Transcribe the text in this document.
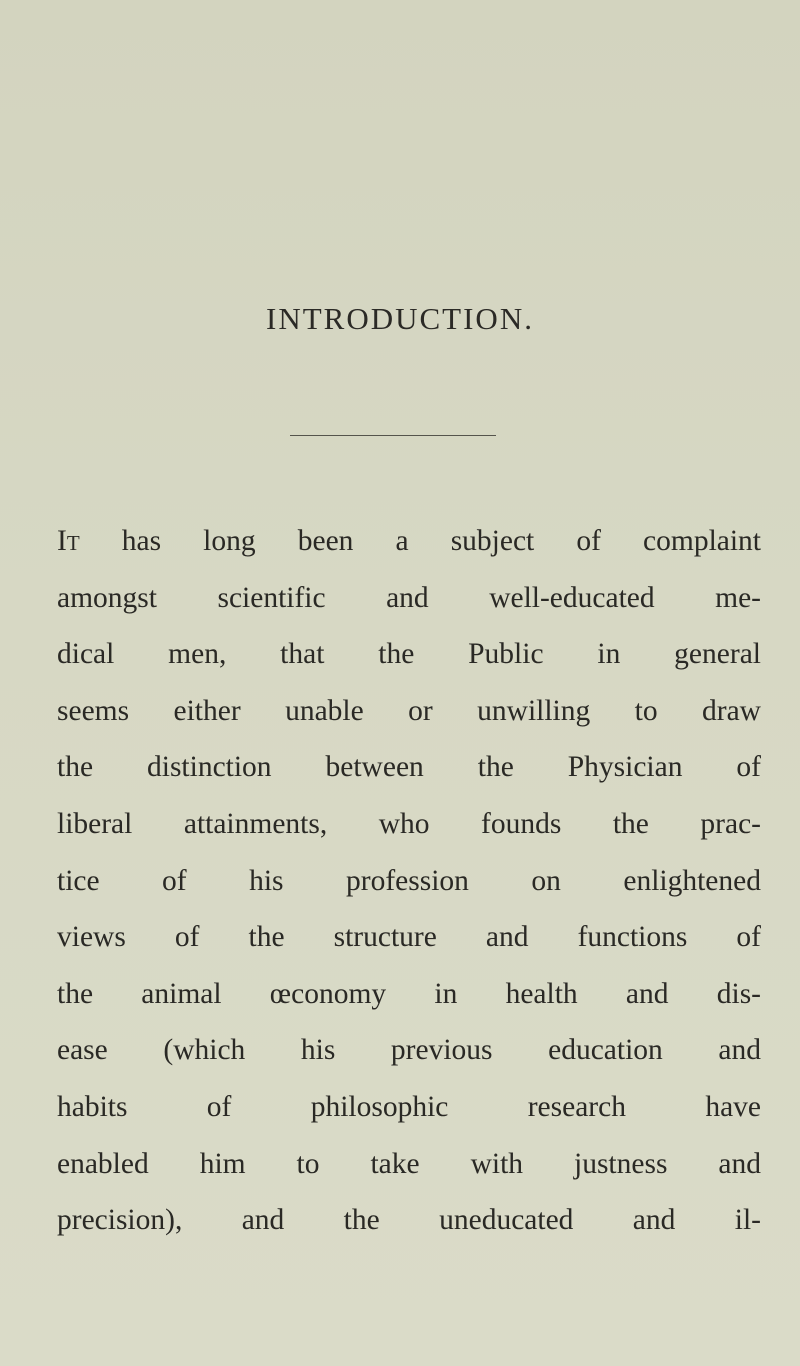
INTRODUCTION.
It has long been a subject of complaint
amongst scientific and well-educated me-
dical men, that the Public in general
seems either unable or unwilling to draw
the distinction between the Physician of
liberal attainments, who founds the prac-
tice of his profession on enlightened
views of the structure and functions of
the animal œconomy in health and dis-
ease (which his previous education and
habits of philosophic research have
enabled him to take with justness and
precision), and the uneducated and il-
